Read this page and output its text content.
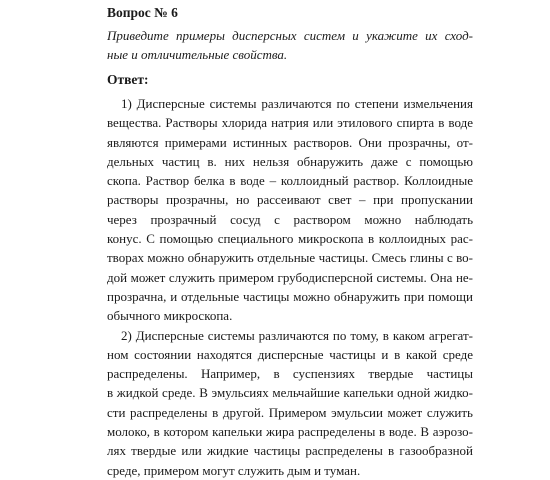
Вопрос № 6
Приведите примеры дисперсных систем и укажите их сход-
ные и отличительные свойства.
Ответ:
1) Дисперсные системы различаются по степени измельчения
вещества. Растворы хлорида натрия или этилового спирта в воде
являются примерами истинных растворов. Они прозрачны, от-
дельных частиц в. них нельзя обнаружить даже с помощью
скопа. Раствор белка в воде – коллоидный раствор. Коллоидные
растворы прозрачны, но рассеивают свет – при пропускании
через прозрачный сосуд с раствором можно наблюдать
конус. С помощью специального микроскопа в коллоидных рас-
творах можно обнаружить отдельные частицы. Смесь глины с во-
дой может служить примером грубодисперсной системы. Она не-
прозрачна, и отдельные частицы можно обнаружить при помощи
обычного микроскопа.
2) Дисперсные системы различаются по тому, в каком агрегат-
ном состоянии находятся дисперсные частицы и в какой среде
распределены. Например, в суспензиях твердые частицы
в жидкой среде. В эмульсиях мельчайшие капельки одной жидко-
сти распределены в другой. Примером эмульсии может служить
молоко, в котором капельки жира распределены в воде. В аэрозо-
лях твердые или жидкие частицы распределены в газообразной
среде, примером могут служить дым и туман.
